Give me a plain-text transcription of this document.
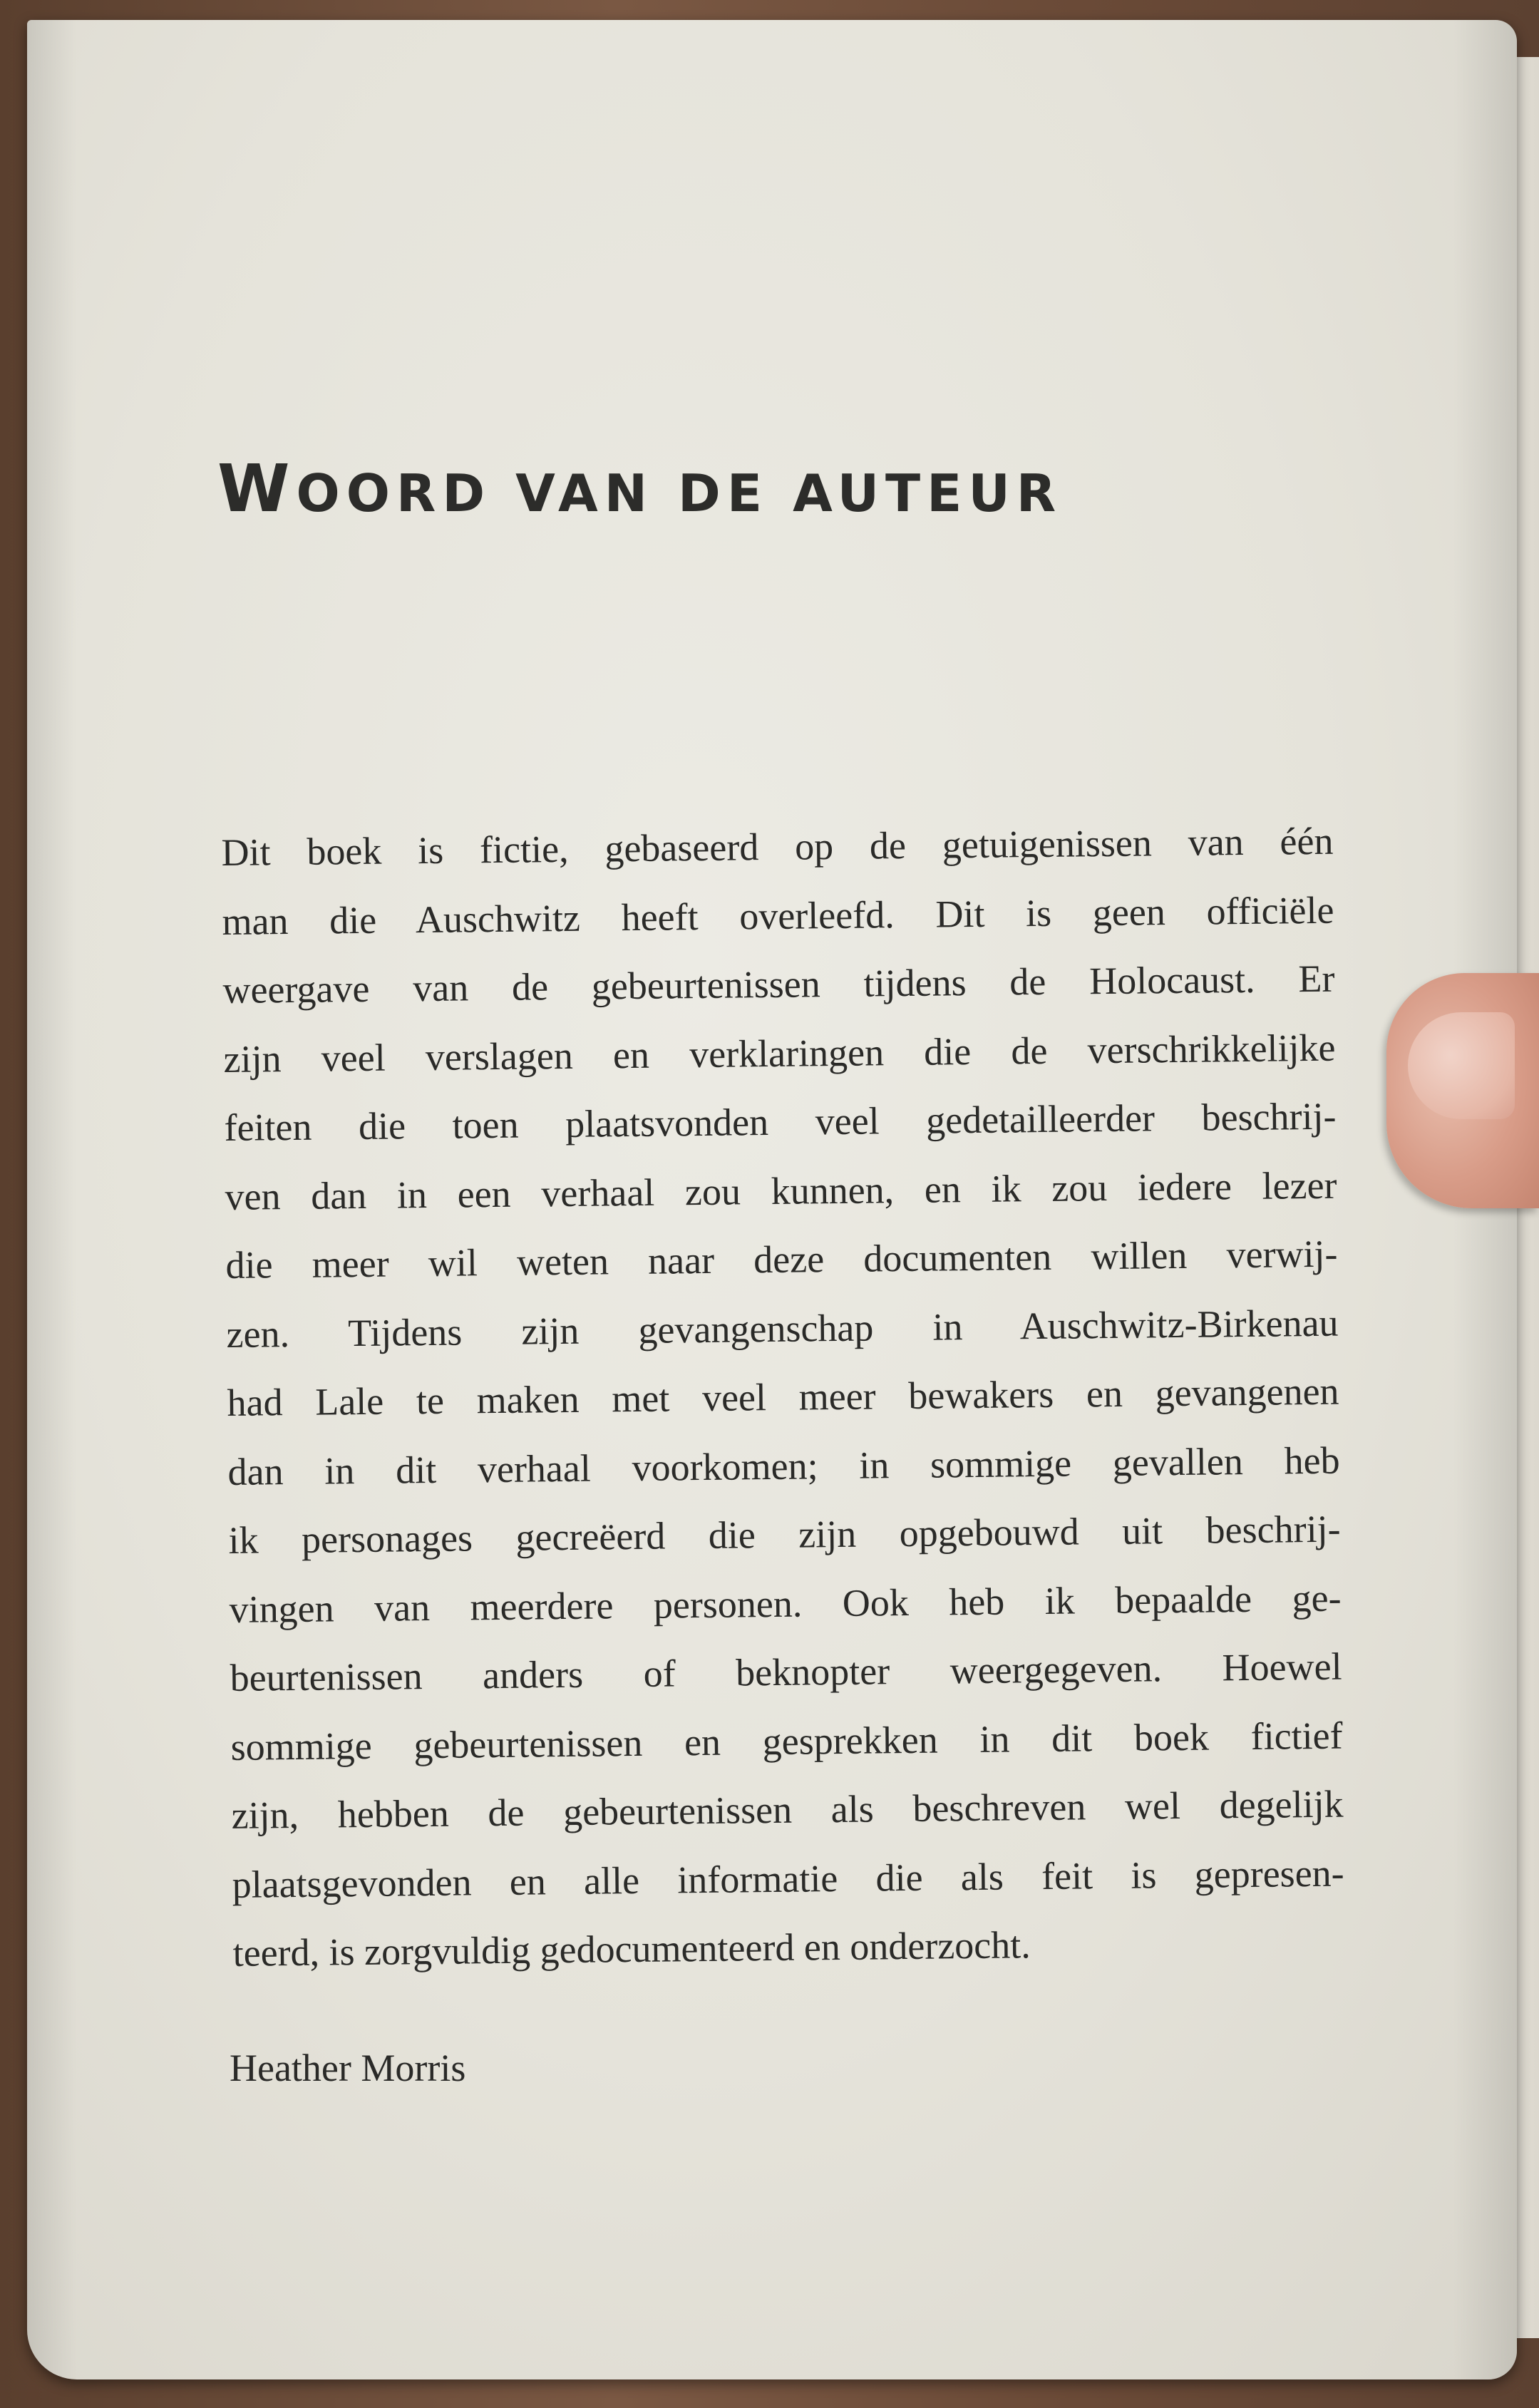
WOORD VAN DE AUTEUR
Dit boek is fictie, gebaseerd op de getuigenissen van één
man die Auschwitz heeft overleefd. Dit is geen officiële
weergave van de gebeurtenissen tijdens de Holocaust. Er
zijn veel verslagen en verklaringen die de verschrikkelijke
feiten die toen plaatsvonden veel gedetailleerder beschrij-
ven dan in een verhaal zou kunnen, en ik zou iedere lezer
die meer wil weten naar deze documenten willen verwij-
zen. Tijdens zijn gevangenschap in Auschwitz-Birkenau
had Lale te maken met veel meer bewakers en gevangenen
dan in dit verhaal voorkomen; in sommige gevallen heb
ik personages gecreëerd die zijn opgebouwd uit beschrij-
vingen van meerdere personen. Ook heb ik bepaalde ge-
beurtenissen anders of beknopter weergegeven. Hoewel
sommige gebeurtenissen en gesprekken in dit boek fictief
zijn, hebben de gebeurtenissen als beschreven wel degelijk
plaatsgevonden en alle informatie die als feit is gepresen-
teerd, is zorgvuldig gedocumenteerd en onderzocht.

Heather Morris
